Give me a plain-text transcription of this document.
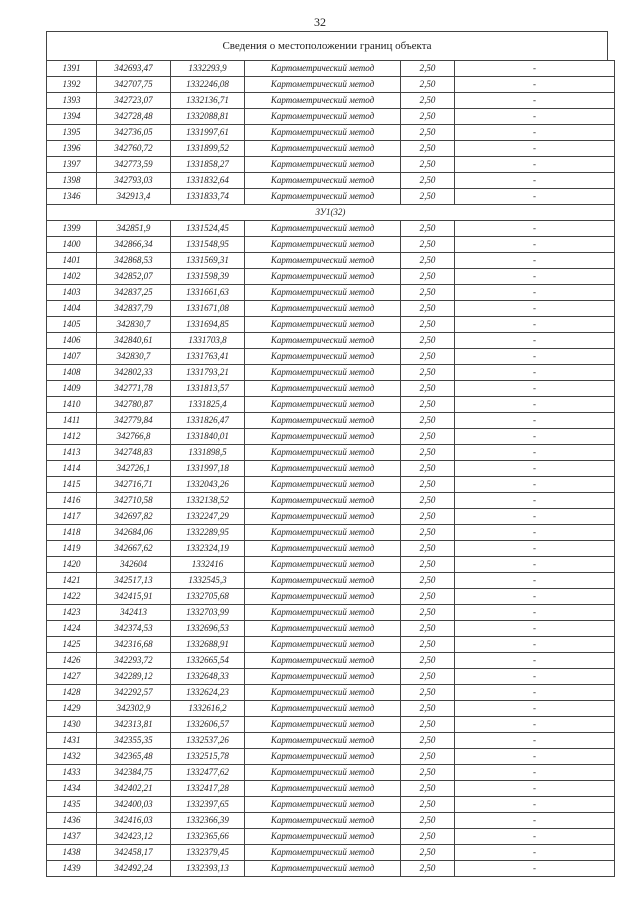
32
Сведения о местоположении границ объекта
1391	342693,47	1332293,9	Картометрический метод	2,50	-
1392	342707,75	1332246,08	Картометрический метод	2,50	-
1393	342723,07	1332136,71	Картометрический метод	2,50	-
1394	342728,48	1332088,81	Картометрический метод	2,50	-
1395	342736,05	1331997,61	Картометрический метод	2,50	-
1396	342760,72	1331899,52	Картометрический метод	2,50	-
1397	342773,59	1331858,27	Картометрический метод	2,50	-
1398	342793,03	1331832,64	Картометрический метод	2,50	-
1346	342913,4	1331833,74	Картометрический метод	2,50	-
ЗУ1(32)					
1399	342851,9	1331524,45	Картометрический метод	2,50	-
1400	342866,34	1331548,95	Картометрический метод	2,50	-
1401	342868,53	1331569,31	Картометрический метод	2,50	-
1402	342852,07	1331598,39	Картометрический метод	2,50	-
1403	342837,25	1331661,63	Картометрический метод	2,50	-
1404	342837,79	1331671,08	Картометрический метод	2,50	-
1405	342830,7	1331694,85	Картометрический метод	2,50	-
1406	342840,61	1331703,8	Картометрический метод	2,50	-
1407	342830,7	1331763,41	Картометрический метод	2,50	-
1408	342802,33	1331793,21	Картометрический метод	2,50	-
1409	342771,78	1331813,57	Картометрический метод	2,50	-
1410	342780,87	1331825,4	Картометрический метод	2,50	-
1411	342779,84	1331826,47	Картометрический метод	2,50	-
1412	342766,8	1331840,01	Картометрический метод	2,50	-
1413	342748,83	1331898,5	Картометрический метод	2,50	-
1414	342726,1	1331997,18	Картометрический метод	2,50	-
1415	342716,71	1332043,26	Картометрический метод	2,50	-
1416	342710,58	1332138,52	Картометрический метод	2,50	-
1417	342697,82	1332247,29	Картометрический метод	2,50	-
1418	342684,06	1332289,95	Картометрический метод	2,50	-
1419	342667,62	1332324,19	Картометрический метод	2,50	-
1420	342604	1332416	Картометрический метод	2,50	-
1421	342517,13	1332545,3	Картометрический метод	2,50	-
1422	342415,91	1332705,68	Картометрический метод	2,50	-
1423	342413	1332703,99	Картометрический метод	2,50	-
1424	342374,53	1332696,53	Картометрический метод	2,50	-
1425	342316,68	1332688,91	Картометрический метод	2,50	-
1426	342293,72	1332665,54	Картометрический метод	2,50	-
1427	342289,12	1332648,33	Картометрический метод	2,50	-
1428	342292,57	1332624,23	Картометрический метод	2,50	-
1429	342302,9	1332616,2	Картометрический метод	2,50	-
1430	342313,81	1332606,57	Картометрический метод	2,50	-
1431	342355,35	1332537,26	Картометрический метод	2,50	-
1432	342365,48	1332515,78	Картометрический метод	2,50	-
1433	342384,75	1332477,62	Картометрический метод	2,50	-
1434	342402,21	1332417,28	Картометрический метод	2,50	-
1435	342400,03	1332397,65	Картометрический метод	2,50	-
1436	342416,03	1332366,39	Картометрический метод	2,50	-
1437	342423,12	1332365,66	Картометрический метод	2,50	-
1438	342458,17	1332379,45	Картометрический метод	2,50	-
1439	342492,24	1332393,13	Картометрический метод	2,50	-
